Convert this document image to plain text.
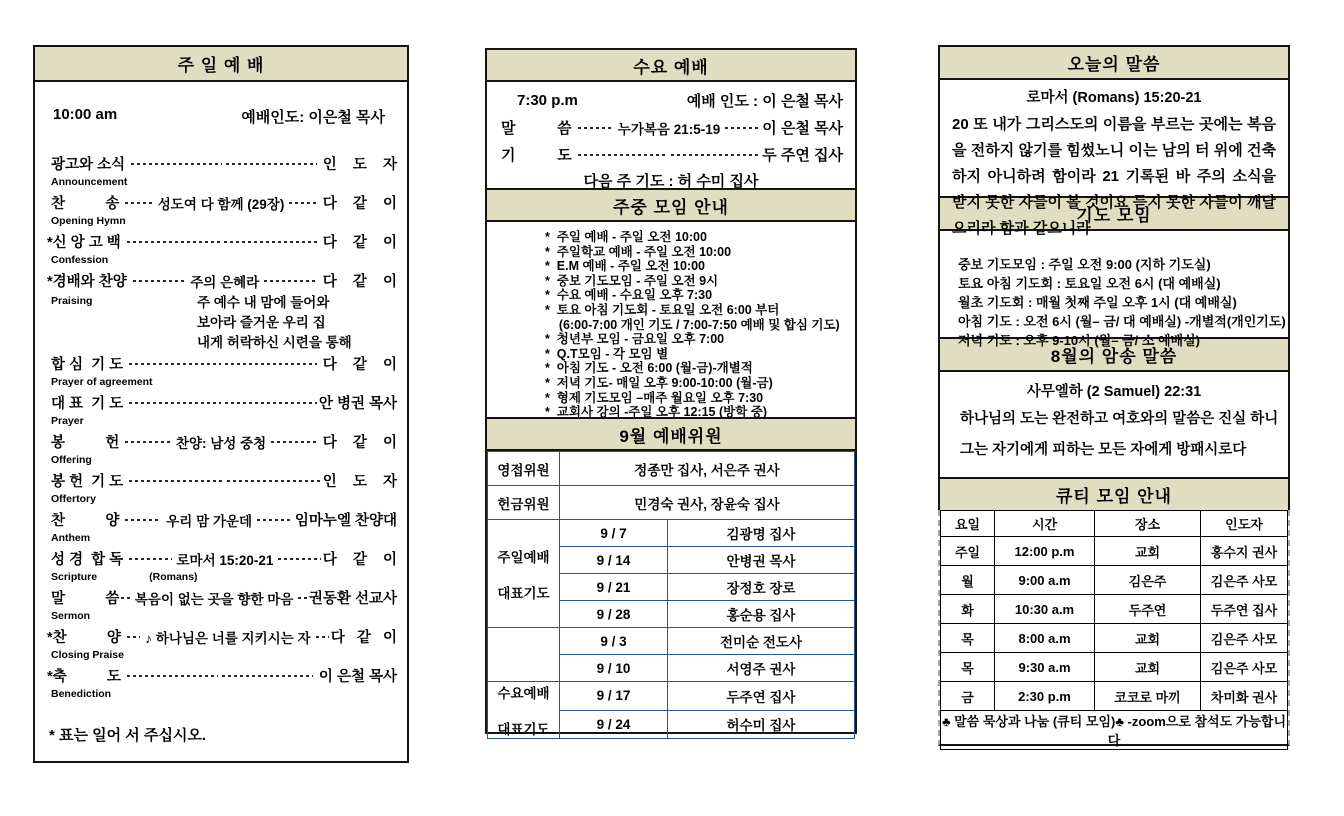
주 일 예 배
10:00 am	예배인도: 이은철 목사
광고와 소식	인    도    자
Announcement
찬          송	성도여 다 함께 (29장) 다    같    이
Opening Hymn
*신 앙 고 백	다    같    이
Confession
*경배와 찬양	주의 은혜라	다    같    이
Praising	주 예수 내 맘에 들어와
보아라 즐거운 우리 집
내게 허락하신 시련을 통해
합 심  기 도	다    같    이
Prayer of agreement
대 표  기 도	안 병권 목사
Prayer
봉          헌	찬양: 남성 중청	다    같    이
Offering
봉 헌  기 도	인    도    자
Offertory
찬          양	우리 맘 가운데	임마누엘 찬양대
Anthem
성 경  합 독	로마서 15:20-21	다    같    이
Scripture	(Romans)
말          씀 복음이 없는 곳을 향한 마음 권동환 선교사
Sermon
*찬          양 ♪ 하나님은 너를 지키시는 자 다   같   이
Closing Praise
*축          도	이 은철 목사
Benediction
* 표는 일어 서 주십시오.
수요 예배
7:30 p.m	예배 인도 : 이 은철 목사
말          씀	누가복음 21:5-19	이 은철 목사
기          도	두 주연 집사
다음 주 기도 : 허 수미 집사
주중 모임 안내
*  주일 예배 - 주일 오전 10:00
*  주일학교 예배 - 주일 오전 10:00
*  E.M 예배 - 주일 오전 10:00
*  중보 기도모임 - 주일 오전 9시
*  수요 예배 - 수요일 오후 7:30
*  토요 아침 기도회 - 토요일 오전 6:00 부터
(6:00-7:00 개인 기도 / 7:00-7:50 예배 및 합심 기도)
*  청년부 모임 - 금요일 오후 7:00
*  Q.T모임 - 각 모임 별
*  아침 기도 - 오전 6:00 (월-금)-개별적
*  저녁 기도- 매일 오후 9:00-10:00 (월-금)
*  형제 기도모임 –매주 월요일 오후 7:30
*  교회사 강의 -주일 오후 12:15 (방학 중)
9월 예배위원
영접위원	정종만 집사, 서은주 권사	
헌금위원	민경숙 권사, 장윤숙 집사	

주일예배
대표기도	9 / 7	김광명 집사
	9 / 14	안병권 목사
	9 / 21	장정호 장로
	9 / 28	홍순용 집사
	9 / 3	전미순 전도사
	9 / 10	서영주 권사

수요예배
대표기도	9 / 17	두주연 집사
	9 / 24	허수미 집사
오늘의 말씀
로마서 (Romans) 15:20-21
20 또 내가 그리스도의 이름을 부르는 곳에는 복음을 전하지 않기를 힘썼노니 이는 남의 터 위에 건축하지 아니하려 함이라 21 기록된 바 주의 소식을 받지 못한 자들이 볼 것이요 듣지 못한 자들이 깨달으리라 함과 같으니라
기도 모임
중보 기도모임 : 주일 오전 9:00 (지하 기도실)
토요 아침 기도회 : 토요일 오전 6시 (대 예배실)
월초 기도회 : 매월 첫째 주일 오후 1시 (대 예배실)
아침 기도 : 오전 6시 (월– 금/ 대 예배실) -개별적(개인기도)
저녁 기도 : 오후 9-10시 (월– 금/ 소 예배실)
8월의 암송 말씀
사무엘하 (2 Samuel) 22:31
하나님의 도는 완전하고 여호와의 말씀은 진실 하니
그는 자기에게 피하는 모든 자에게 방패시로다
큐티 모임 안내
요일	시간	장소	인도자
주일	12:00 p.m	교회	홍수지 권사
월	9:00 a.m	김은주	김은주 사모
화	10:30 a.m	두주연	두주연 집사
목	8:00 a.m	교회	김은주 사모
목	9:30 a.m	교회	김은주 사모
금	2:30 p.m	코코로 마끼	차미화 권사
♣ 말씀 묵상과 나눔 (큐티 모임)♣ -zoom으로 참석도 가능합니다			
